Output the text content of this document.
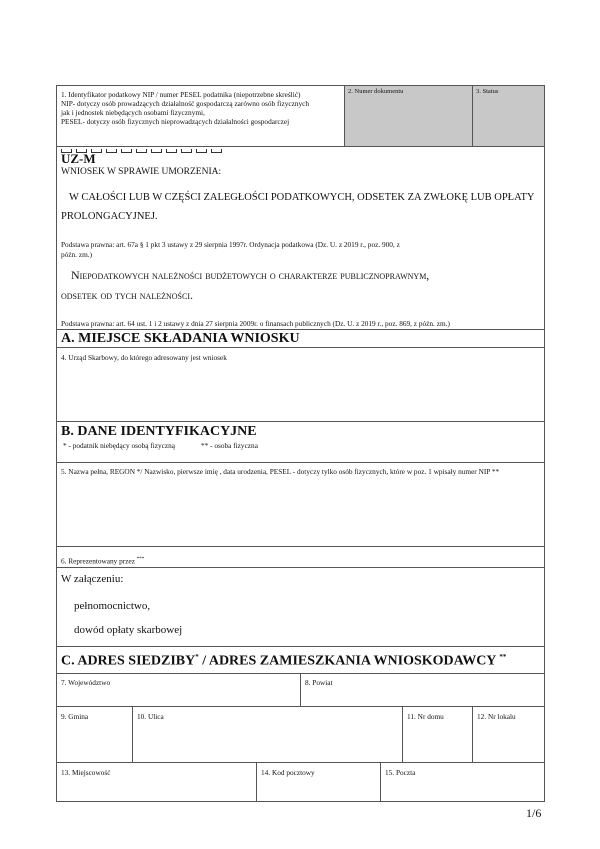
1. Identyfikator podatkowy NIP / numer PESEL podatnika (niepotrzebne skreślić)
NIP- dotyczy osób prowadzących działalność gospodarczą zarówno osób fizycznych
jak i jednostek niebędących osobami fizycznymi,
PESEL- dotyczy osób fizycznych nieprowadzących działalności gospodarczej
2. Numer dokumentu	3. Status
UZ-M
WNIOSEK W SPRAWIE UMORZENIA:
W CAŁOŚCI LUB W CZĘŚCI ZALEGŁOŚCI PODATKOWYCH, ODSETEK ZA ZWŁOKĘ LUB OPŁATY
PROLONGACYJNEJ.
Podstawa prawna: art. 67a § 1 pkt 3 ustawy z 29 sierpnia 1997r. Ordynacja podatkowa (Dz. U. z 2019 r., poz. 900, z
późn. zm.)
Niepodatkowych należności budżetowych o charakterze publicznoprawnym,
odsetek od tych należności.
Podstawa prawna: art. 64 ust. 1 i 2 ustawy z dnia 27 sierpnia 2009r. o finansach publicznych (Dz. U. z 2019 r., poz. 869, z późn. zm.)
A. MIEJSCE SKŁADANIA WNIOSKU
4. Urząd Skarbowy, do którego adresowany jest wniosek
B. DANE IDENTYFIKACYJNE
* - podatnik niebędący osobą fizyczną	** - osoba fizyczna
5. Nazwa pełna, REGON */ Nazwisko, pierwsze imię , data urodzenia, PESEL - dotyczy tylko osób fizycznych, które w poz. 1 wpisały numer NIP **
6. Reprezentowany przez ***
W załączeniu:
pełnomocnictwo,
dowód opłaty skarbowej
C. ADRES SIEDZIBY* / ADRES ZAMIESZKANIA WNIOSKODAWCY **
7. Województwo	8. Powiat
9. Gmina	10. Ulica	11. Nr domu	12. Nr lokalu
13. Miejscowość	14. Kod pocztowy	15. Poczta
1/6
